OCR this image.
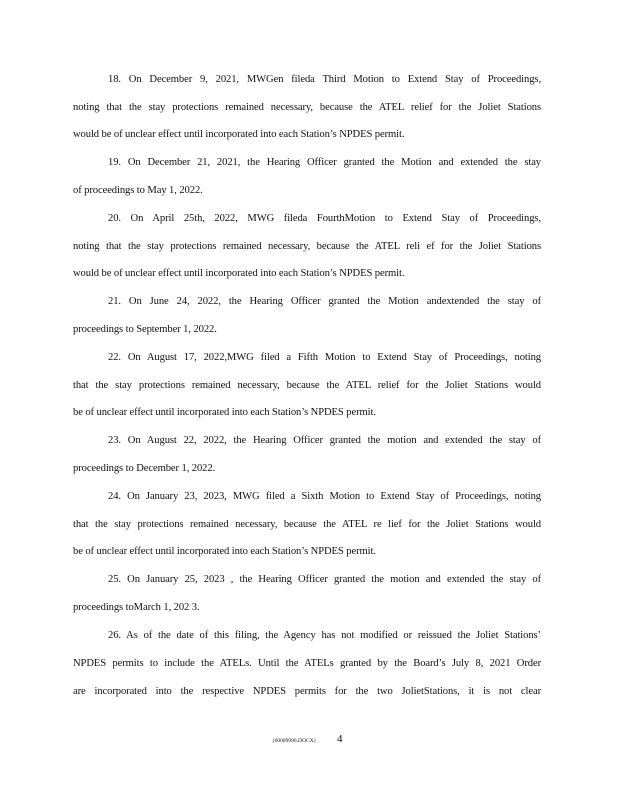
18. On December 9, 2021, MWGen fileda Third Motion to Extend Stay of Proceedings,
noting that the stay protections remained necessary, because the ATEL relief for the Joliet Stations
would be of unclear effect until incorporated into each Station’s NPDES permit.
19. On December 21, 2021, the Hearing Officer granted the Motion and extended the stay
of proceedings to May 1, 2022.
20. On April 25th, 2022, MWG fileda FourthMotion to Extend Stay of Proceedings,
noting that the stay protections remained necessary, because the ATEL reli ef for the Joliet Stations
would be of unclear effect until incorporated into each Station’s NPDES permit.
21. On June 24, 2022, the Hearing Officer granted the Motion andextended the stay of
proceedings to September 1, 2022.
22. On August 17, 2022,MWG filed a Fifth Motion to Extend Stay of Proceedings, noting
that the stay protections remained necessary, because the ATEL relief for the Joliet Stations would
be of unclear effect until incorporated into each Station’s NPDES permit.
23. On August 22, 2022, the Hearing Officer granted the motion and extended the stay of
proceedings to December 1, 2022.
24. On January 23, 2023, MWG filed a Sixth Motion to Extend Stay of Proceedings, noting
that the stay protections remained necessary, because the ATEL re lief for the Joliet Stations would
be of unclear effect until incorporated into each Station’s NPDES permit.
25. On January 25, 2023 , the Hearing Officer granted the motion and extended the stay of
proceedings toMarch 1, 202 3.
26. As of the date of this filing, the Agency has not modified or reissued the Joliet Stations’
NPDES permits to include the ATELs. Until the ATELs granted by the Board’s July 8, 2021 Order
are incorporated into the respective NPDES permits for the two JolietStations, it is not clear
{00089996.DOCX} 4
